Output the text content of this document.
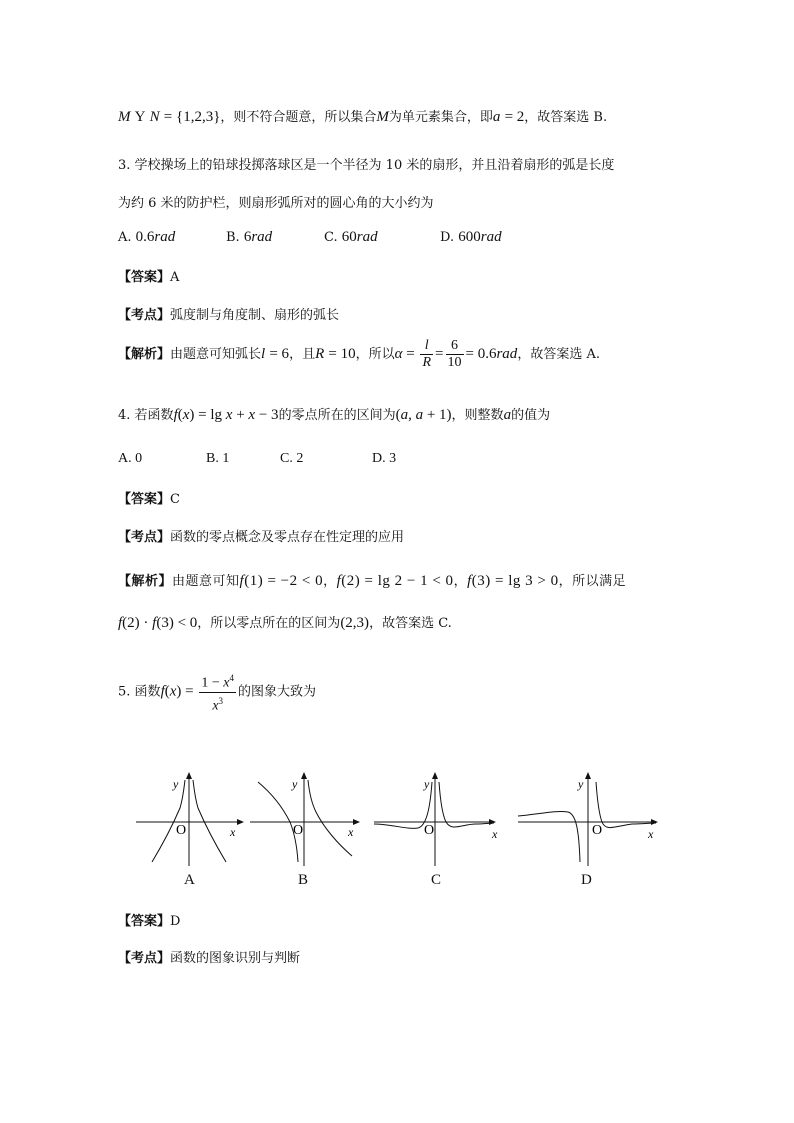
M Y N = {1,2,3}，则不符合题意，所以集合M为单元素集合，即a = 2，故答案选 B.
3. 学校操场上的铅球投掷落球区是一个半径为 10 米的扇形，并且沿着扇形的弧是长度
为约 6 米的防护栏，则扇形弧所对的圆心角的大小约为
A. 0.6rad	B. 6rad	C. 60rad	D. 600rad
【答案】A
【考点】弧度制与角度制、扇形的弧长
【解析】由题意可知弧长l = 6，且R = 10，所以$\alpha = \frac{l}{R} = \frac{6}{10} = 0.6rad$，故答案选 A.
4. 若函数f(x) = lg x + x − 3的零点所在的区间为(a, a + 1)，则整数a的值为
A. 0	B. 1	C. 2	D. 3
【答案】C
【考点】函数的零点概念及零点存在性定理的应用
【解析】由题意可知f(1) = −2 < 0，f(2) = lg 2 − 1 < 0，f(3) = lg 3 > 0，所以满足
f(2) · f(3) < 0，所以零点所在的区间为(2,3)，故答案选 C.
5. 函数$f(x) = \frac{1 - x^4}{x^3}$ 的图象大致为
y
O	x
y
O	x
y
O	x
y
O	x
A	B	C	D
【答案】D
【考点】函数的图象识别与判断
